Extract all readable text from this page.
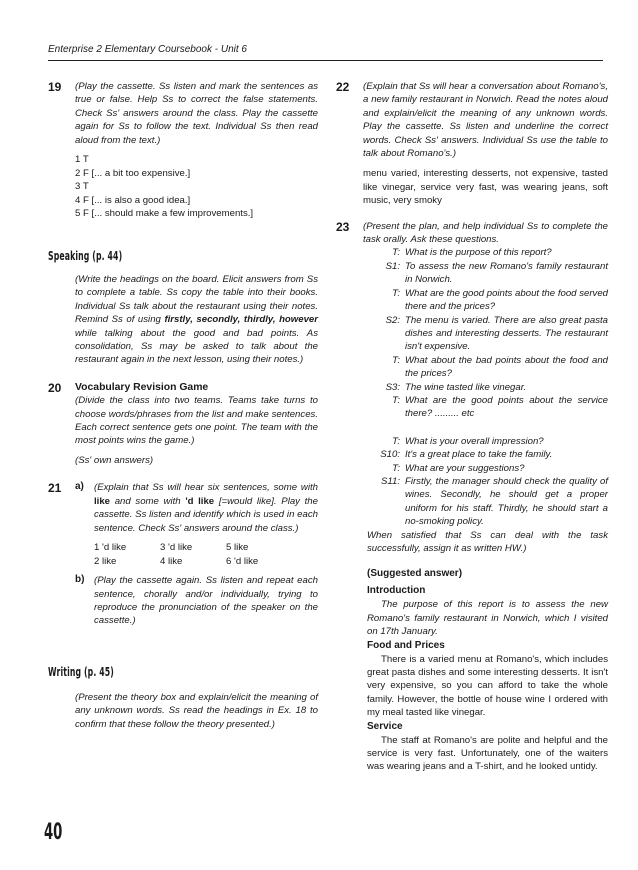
Enterprise 2 Elementary Coursebook - Unit 6
19 (Play the cassette. Ss listen and mark the sentences as true or false. Help Ss to correct the false statements. Check Ss' answers around the class. Play the cassette again for Ss to follow the text. Individual Ss then read aloud from the text.)
1 T
2 F [... a bit too expensive.]
3 T
4 F [... is also a good idea.]
5 F [... should make a few improvements.]
Speaking (p. 44)
(Write the headings on the board. Elicit answers from Ss to complete a table. Ss copy the table into their books. Individual Ss talk about the restaurant using their notes. Remind Ss of using firstly, secondly, thirdly, however while talking about the good and bad points. As consolidation, Ss may be asked to talk about the restaurant again in the next lesson, using their notes.)
20 Vocabulary Revision Game
(Divide the class into two teams. Teams take turns to choose words/phrases from the list and make sentences. Each correct sentence gets one point. The team with the most points wins the game.)
(Ss' own answers)
21 a) (Explain that Ss will hear six sentences, some with like and some with 'd like [=would like]. Play the cassette. Ss listen and identify which is used in each sentence. Check Ss' answers around the class.)
1 'd like	3 'd like	5 like
2 like	4 like	6 'd like
b) (Play the cassette again. Ss listen and repeat each sentence, chorally and/or individually, trying to reproduce the pronunciation of the speaker on the cassette.)
Writing (p. 45)
(Present the theory box and explain/elicit the meaning of any unknown words. Ss read the headings in Ex. 18 to confirm that these follow the theory presented.)
22 (Explain that Ss will hear a conversation about Romano's, a new family restaurant in Norwich. Read the notes aloud and explain/elicit the meaning of any unknown words. Play the cassette. Ss listen and underline the correct words. Check Ss' answers. Individual Ss use the table to talk about Romano's.)
menu varied, interesting desserts, not expensive, tasted like vinegar, service very fast, was wearing jeans, soft music, very smoky
23 (Present the plan, and help individual Ss to complete the task orally. Ask these questions.
T: What is the purpose of this report?
S1: To assess the new Romano's family restaurant in Norwich.
T: What are the good points about the food served there and the prices?
S2: The menu is varied. There are also great pasta dishes and interesting desserts. The restaurant isn't expensive.
T: What about the bad points about the food and the prices?
S3: The wine tasted like vinegar.
T: What are the good points about the service there? ......... etc
T: What is your overall impression?
S10: It's a great place to take the family.
T: What are your suggestions?
S11: Firstly, the manager should check the quality of wines. Secondly, he should get a proper uniform for his staff. Thirdly, he should start a no-smoking policy.
When satisfied that Ss can deal with the task successfully, assign it as written HW.)
(Suggested answer)
Introduction
The purpose of this report is to assess the new Romano's family restaurant in Norwich, which I visited on 17th January.
Food and Prices
There is a varied menu at Romano's, which includes great pasta dishes and some interesting desserts. It isn't very expensive, so you can afford to take the whole family. However, the bottle of house wine I ordered with my meal tasted like vinegar.
Service
The staff at Romano's are polite and helpful and the service is very fast. Unfortunately, one of the waiters was wearing jeans and a T-shirt, and he looked untidy.
40
